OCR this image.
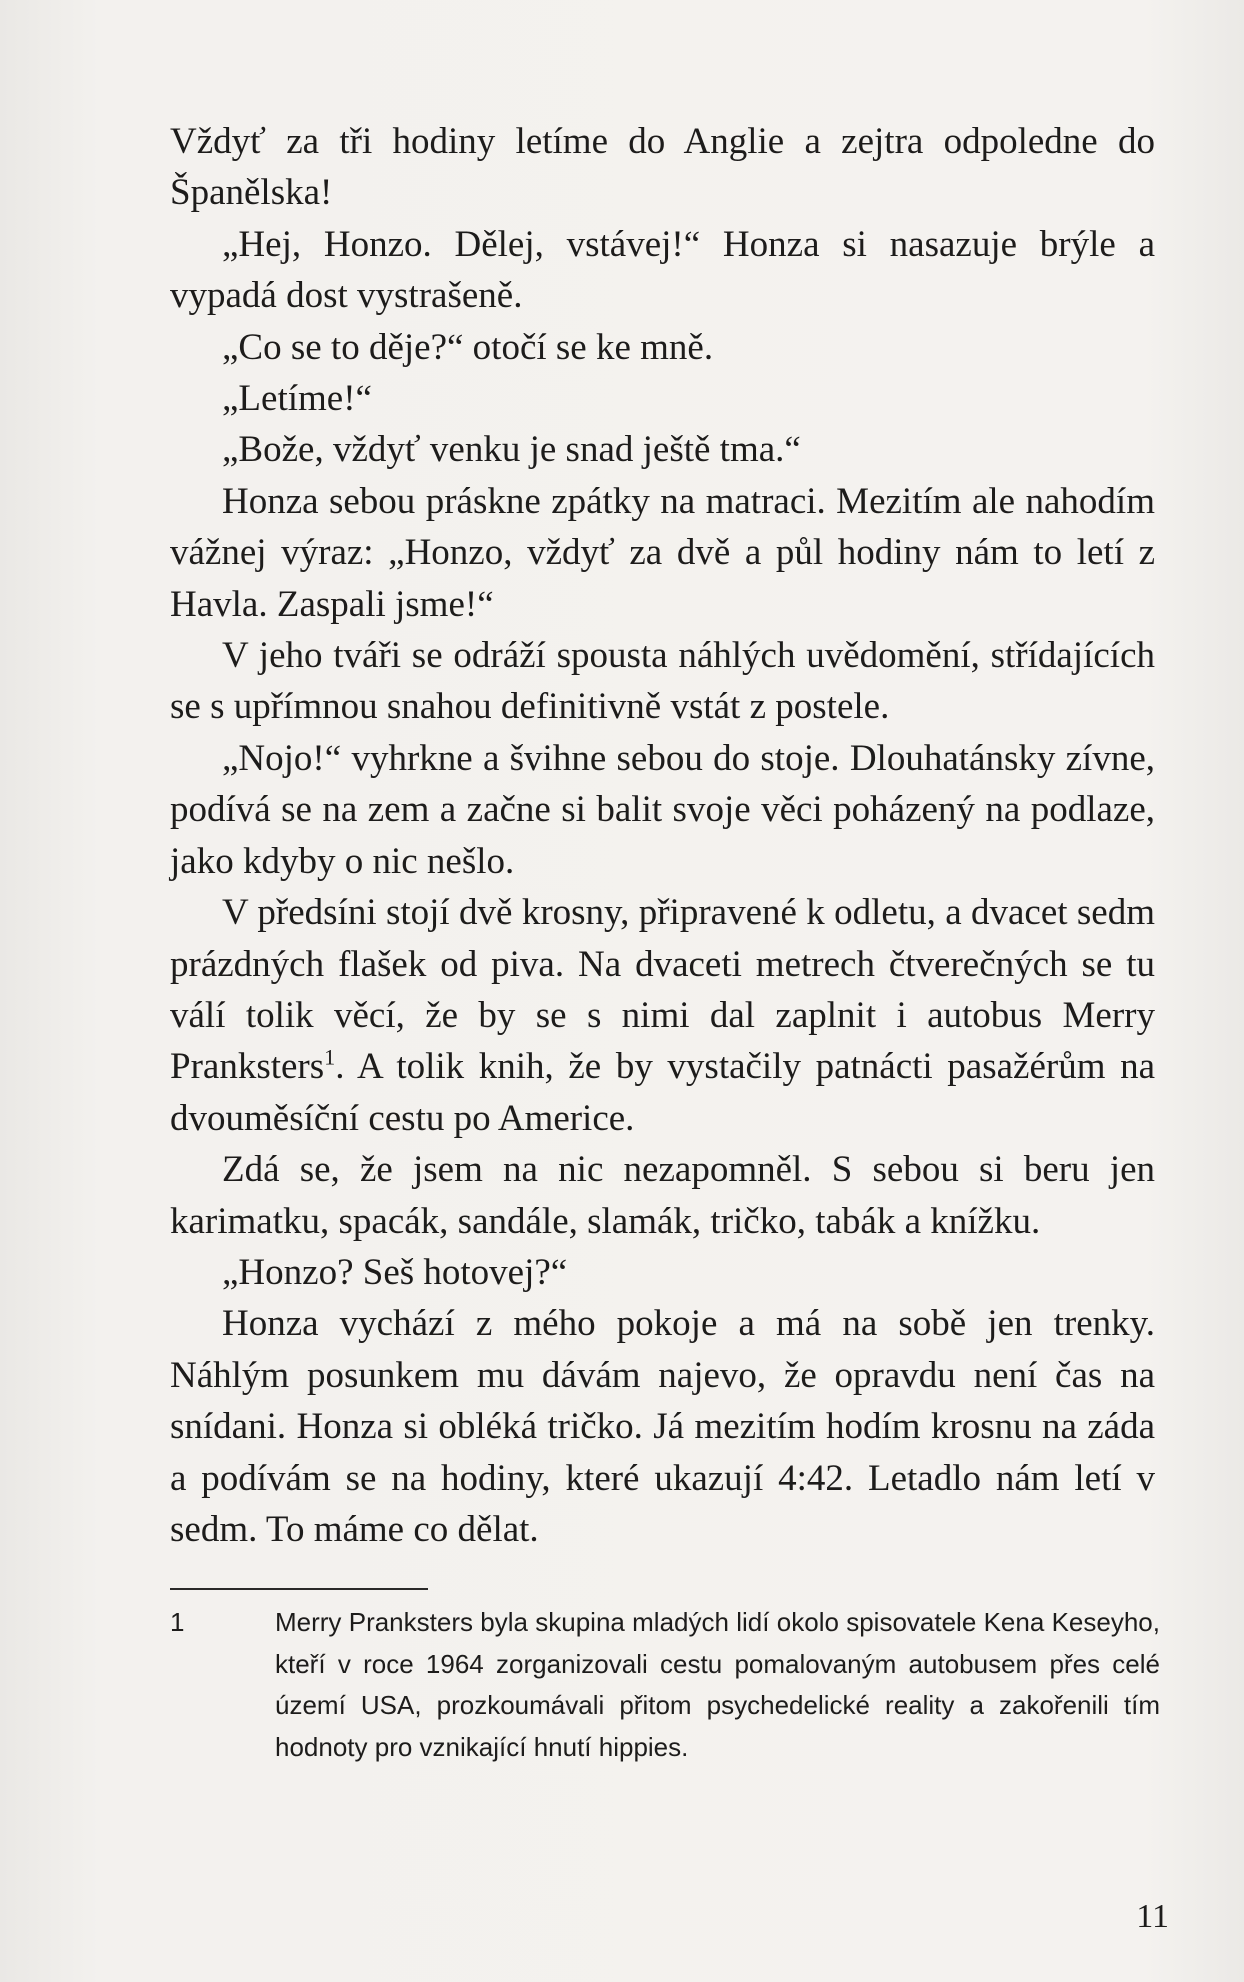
Vždyť za tři hodiny letíme do Anglie a zejtra odpoledne do Španělska!

„Hej, Honzo. Dělej, vstávej!“ Honza si nasazuje brýle a vypadá dost vystrašeně.

„Co se to děje?“ otočí se ke mně.

„Letíme!“

„Bože, vždyť venku je snad ještě tma.“

Honza sebou práskne zpátky na matraci. Mezitím ale nahodím vážnej výraz: „Honzo, vždyť za dvě a půl hodiny nám to letí z Havla. Zaspali jsme!“

V jeho tváři se odráží spousta náhlých uvědomění, střídajících se s upřímnou snahou definitivně vstát z postele.

„Nojo!“ vyhrkne a švihne sebou do stoje. Dlouhatánsky zívne, podívá se na zem a začne si balit svoje věci poházený na podlaze, jako kdyby o nic nešlo.

V předsíni stojí dvě krosny, připravené k odletu, a dvacet sedm prázdných flašek od piva. Na dvaceti metrech čtverečných se tu válí tolik věcí, že by se s nimi dal zaplnit i autobus Merry Pranksters$^1$. A tolik knih, že by vystačily patnácti pasažérům na dvouměsíční cestu po Americe.

Zdá se, že jsem na nic nezapomněl. S sebou si beru jen karimatku, spacák, sandále, slamák, tričko, tabák a knížku.

„Honzo? Seš hotovej?“

Honza vychází z mého pokoje a má na sobě jen trenky. Náhlým posunkem mu dávám najevo, že opravdu není čas na snídani. Honza si obléká tričko. Já mezitím hodím krosnu na záda a podívám se na hodiny, které ukazují 4:42. Letadlo nám letí v sedm. To máme co dělat.

1	Merry Pranksters byla skupina mladých lidí okolo spisovatele Kena Keseyho, kteří v roce 1964 zorganizovali cestu pomalovaným autobusem přes celé území USA, prozkoumávali přitom psychedelické reality a zakořenili tím hodnoty pro vznikající hnutí hippies.
11
